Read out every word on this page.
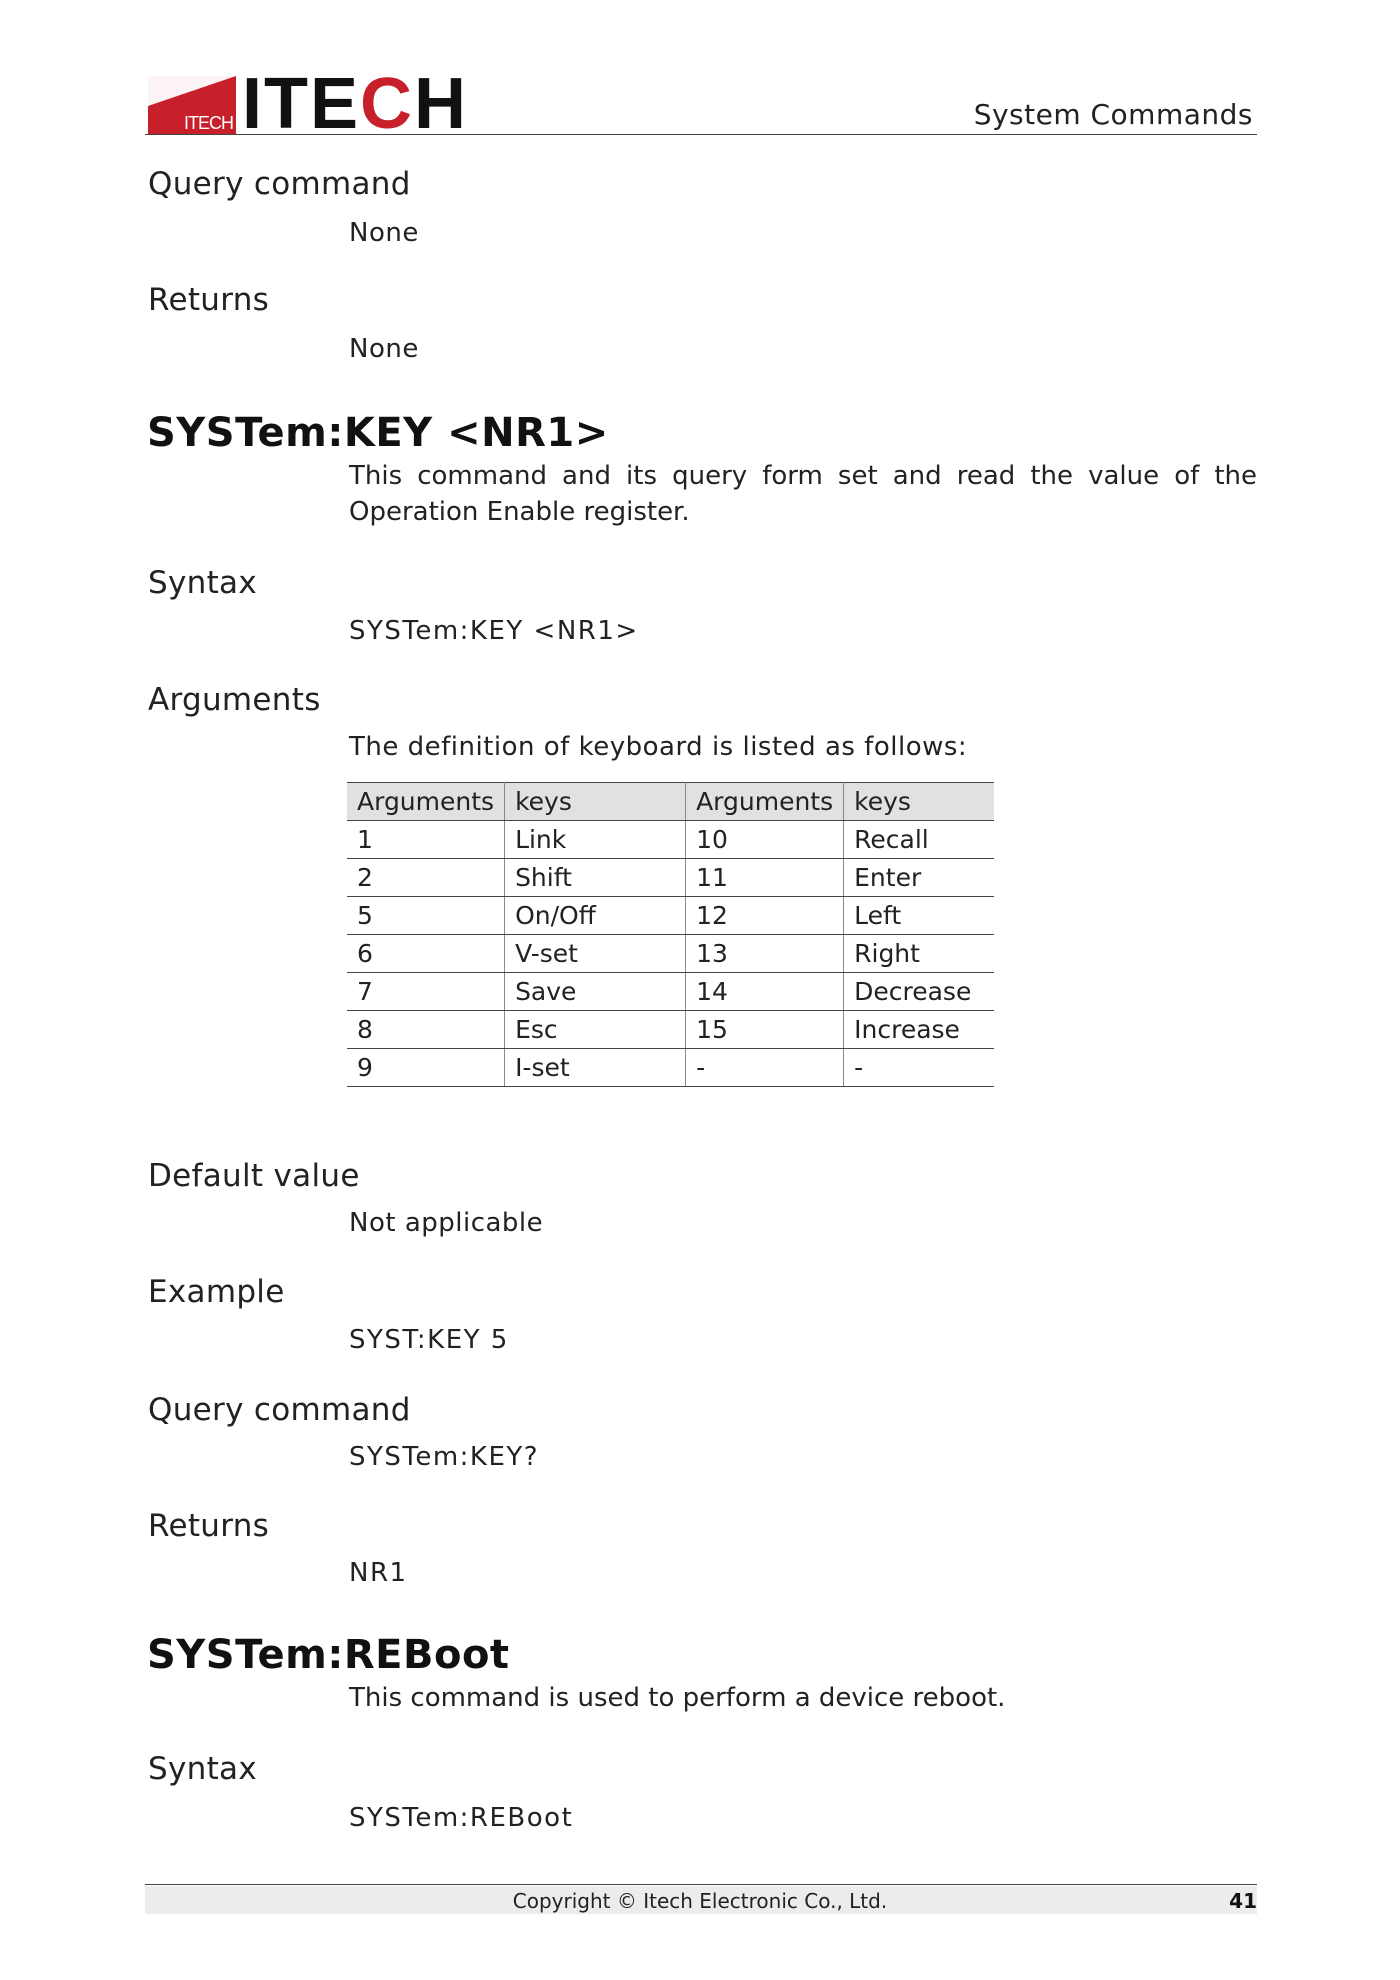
ITECH ITECH	System Commands
Query command
None
Returns
None
SYSTem:KEY <NR1>
This command and its query form set and read the value of the Operation Enable register.
Syntax
SYSTem:KEY <NR1>
Arguments
The definition of keyboard is listed as follows:
Arguments	keys	Arguments	keys
1	Link	10	Recall
2	Shift	11	Enter
5	On/Off	12	Left
6	V-set	13	Right
7	Save	14	Decrease
8	Esc	15	Increase
9	I-set	-	-
Default value
Not applicable
Example
SYST:KEY 5
Query command
SYSTem:KEY?
Returns
NR1
SYSTem:REBoot
This command is used to perform a device reboot.
Syntax
SYSTem:REBoot
Copyright © Itech Electronic Co., Ltd.	41
